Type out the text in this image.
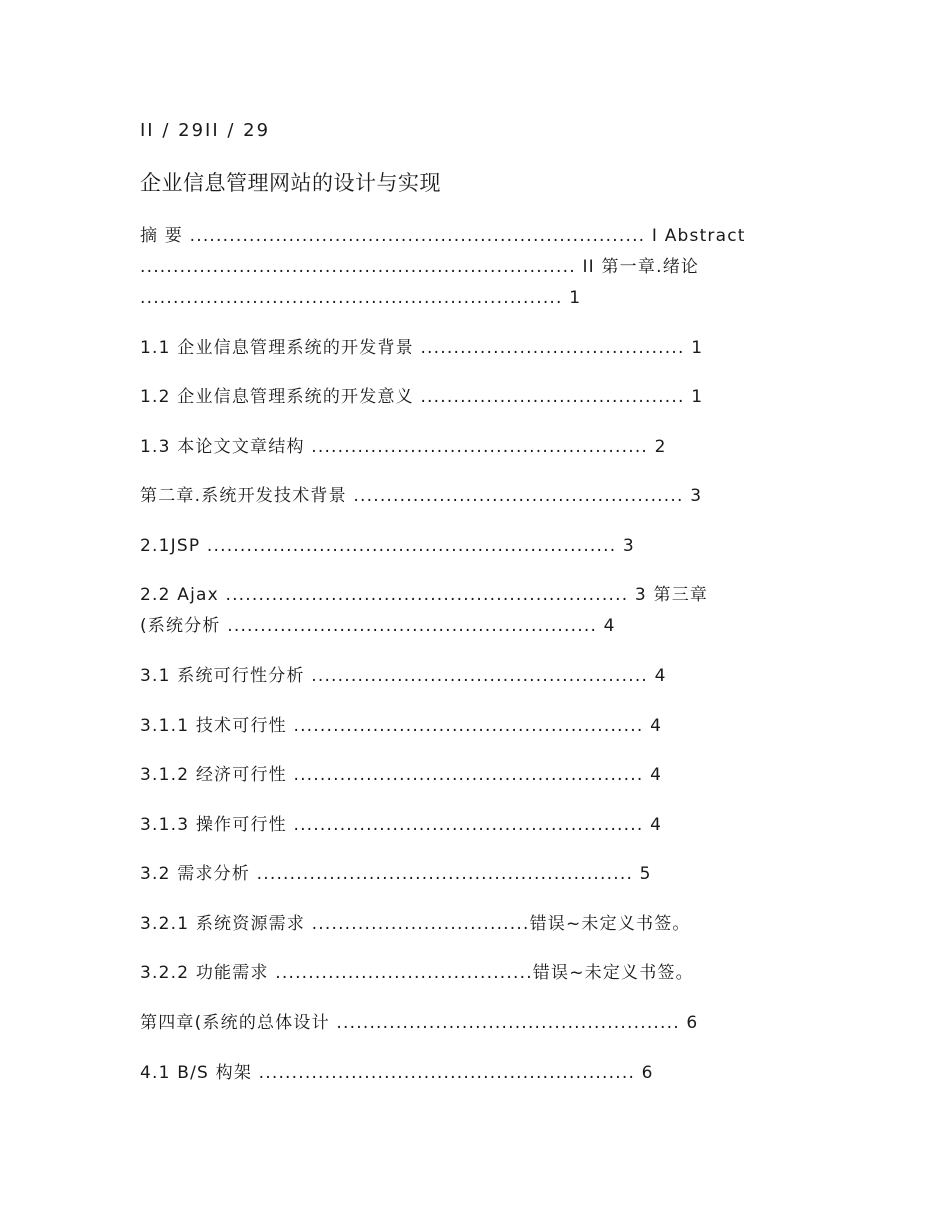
II / 29II / 29
企业信息管理网站的设计与实现
摘 要 ..................................................................... I Abstract
.................................................................. II 第一章.绪论
................................................................ 1
1.1 企业信息管理系统的开发背景 ........................................ 1
1.2 企业信息管理系统的开发意义 ........................................ 1
1.3 本论文文章结构 ................................................... 2
第二章.系统开发技术背景 .................................................. 3
2.1JSP .............................................................. 3
2.2 Ajax ............................................................. 3 第三章
(系统分析 ........................................................ 4
3.1 系统可行性分析 ................................................... 4
3.1.1 技术可行性 ..................................................... 4
3.1.2 经济可行性 ..................................................... 4
3.1.3 操作可行性 ..................................................... 4
3.2 需求分析 ......................................................... 5
3.2.1 系统资源需求 .................................错误~未定义书签。
3.2.2 功能需求 .......................................错误~未定义书签。
第四章(系统的总体设计 .................................................... 6
4.1 B/S 构架 ......................................................... 6
